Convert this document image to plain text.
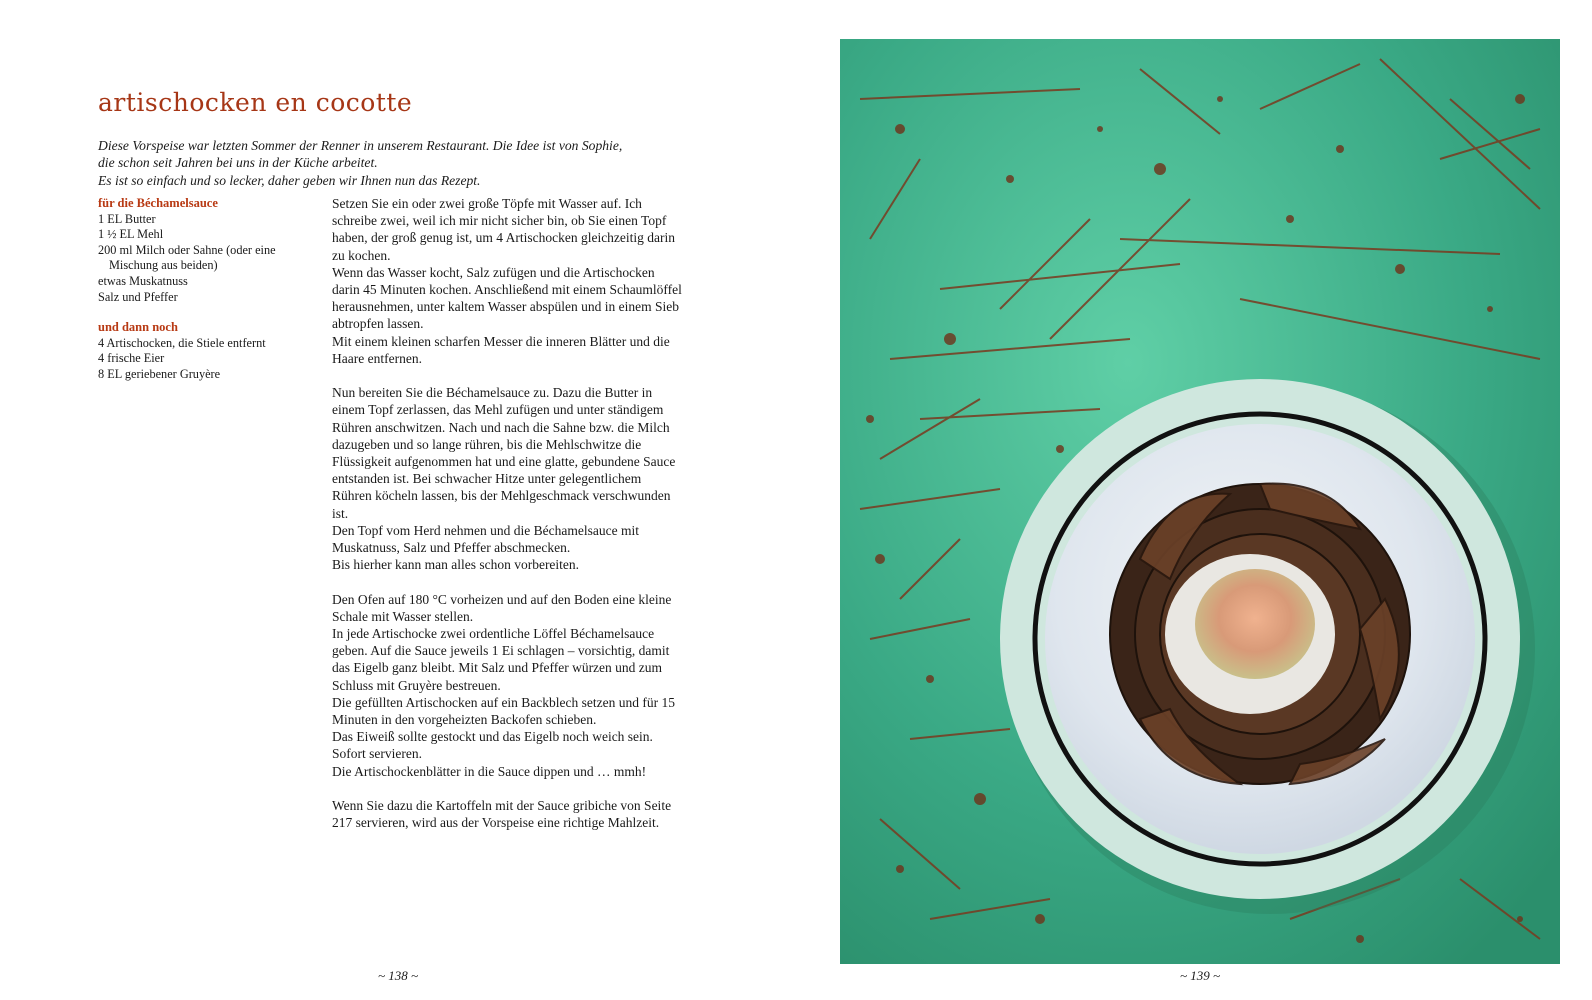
artischocken en cocotte

Diese Vorspeise war letzten Sommer der Renner in unserem Restaurant. Die Idee ist von Sophie,

die schon seit Jahren bei uns in der Küche arbeitet.

Es ist so einfach und so lecker, daher geben wir Ihnen nun das Rezept.

für die Béchamelsauce
1 EL Butter
1 ½ EL Mehl
200 ml Milch oder Sahne (oder eine Mischung aus beiden)
etwas Muskatnuss
Salz und Pfeffer
und dann noch
4 Artischocken, die Stiele entfernt
4 frische Eier
8 EL geriebener Gruyère

Setzen Sie ein oder zwei große Töpfe mit Wasser auf. Ich schreibe zwei, weil ich mir nicht sicher bin, ob Sie einen Topf haben, der groß genug ist, um 4 Artischocken gleichzeitig darin zu kochen.
Wenn das Wasser kocht, Salz zufügen und die Artischocken darin 45 Minuten kochen. Anschließend mit einem Schaumlöffel herausnehmen, unter kaltem Wasser abspülen und in einem Sieb abtropfen lassen.
Mit einem kleinen scharfen Messer die inneren Blätter und die Haare entfernen.

Nun bereiten Sie die Béchamelsauce zu. Dazu die Butter in einem Topf zerlassen, das Mehl zufügen und unter ständigem Rühren anschwitzen. Nach und nach die Sahne bzw. die Milch dazugeben und so lange rühren, bis die Mehlschwitze die Flüssigkeit aufgenommen hat und eine glatte, gebundene Sauce entstanden ist. Bei schwacher Hitze unter gelegentlichem Rühren köcheln lassen, bis der Mehlgeschmack verschwunden ist.
Den Topf vom Herd nehmen und die Béchamelsauce mit Muskatnuss, Salz und Pfeffer abschmecken.
Bis hierher kann man alles schon vorbereiten.

Den Ofen auf 180 °C vorheizen und auf den Boden eine kleine Schale mit Wasser stellen.
In jede Artischocke zwei ordentliche Löffel Béchamelsauce geben. Auf die Sauce jeweils 1 Ei schlagen – vorsichtig, damit das Eigelb ganz bleibt. Mit Salz und Pfeffer würzen und zum Schluss mit Gruyère bestreuen.
Die gefüllten Artischocken auf ein Backblech setzen und für 15 Minuten in den vorgeheizten Backofen schieben.
Das Eiweiß sollte gestockt und das Eigelb noch weich sein.
Sofort servieren.
Die Artischockenblätter in die Sauce dippen und … mmh!

Wenn Sie dazu die Kartoffeln mit der Sauce gribiche von Seite 217 servieren, wird aus der Vorspeise eine richtige Mahlzeit.

~ 138 ~	~ 139 ~
